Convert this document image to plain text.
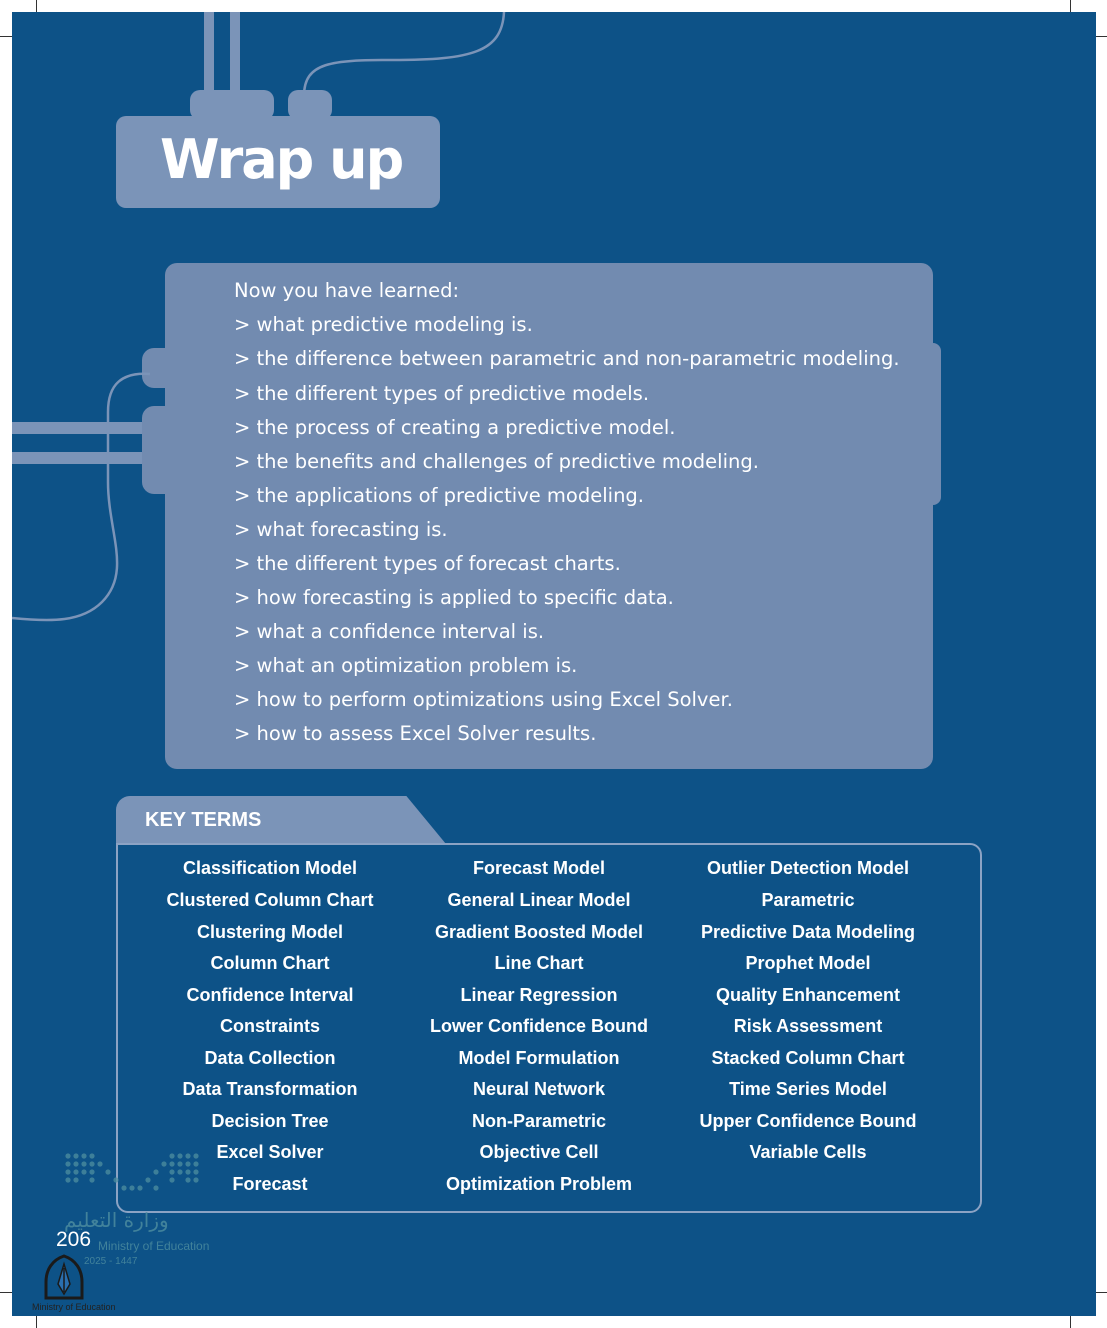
Wrap up
Now you have learned:
> what predictive modeling is.
> the difference between parametric and non-parametric modeling.
> the different types of predictive models.
> the process of creating a predictive model.
> the benefits and challenges of predictive modeling.
> the applications of predictive modeling.
> what forecasting is.
> the different types of forecast charts.
> how forecasting is applied to specific data.
> what a confidence interval is.
> what an optimization problem is.
> how to perform optimizations using Excel Solver.
> how to assess Excel Solver results.
KEY TERMS
Classification Model
Clustered Column Chart
Clustering Model
Column Chart
Confidence Interval
Constraints
Data Collection
Data Transformation
Decision Tree
Excel Solver
Forecast
Forecast Model
General Linear Model
Gradient Boosted Model
Line Chart
Linear Regression
Lower Confidence Bound
Model Formulation
Neural Network
Non-Parametric
Objective Cell
Optimization Problem
Outlier Detection Model
Parametric
Predictive Data Modeling
Prophet Model
Quality Enhancement
Risk Assessment
Stacked Column Chart
Time Series Model
Upper Confidence Bound
Variable Cells
وزارة التعليم
Ministry of Education
2025 - 1447
206
Ministry of Education
